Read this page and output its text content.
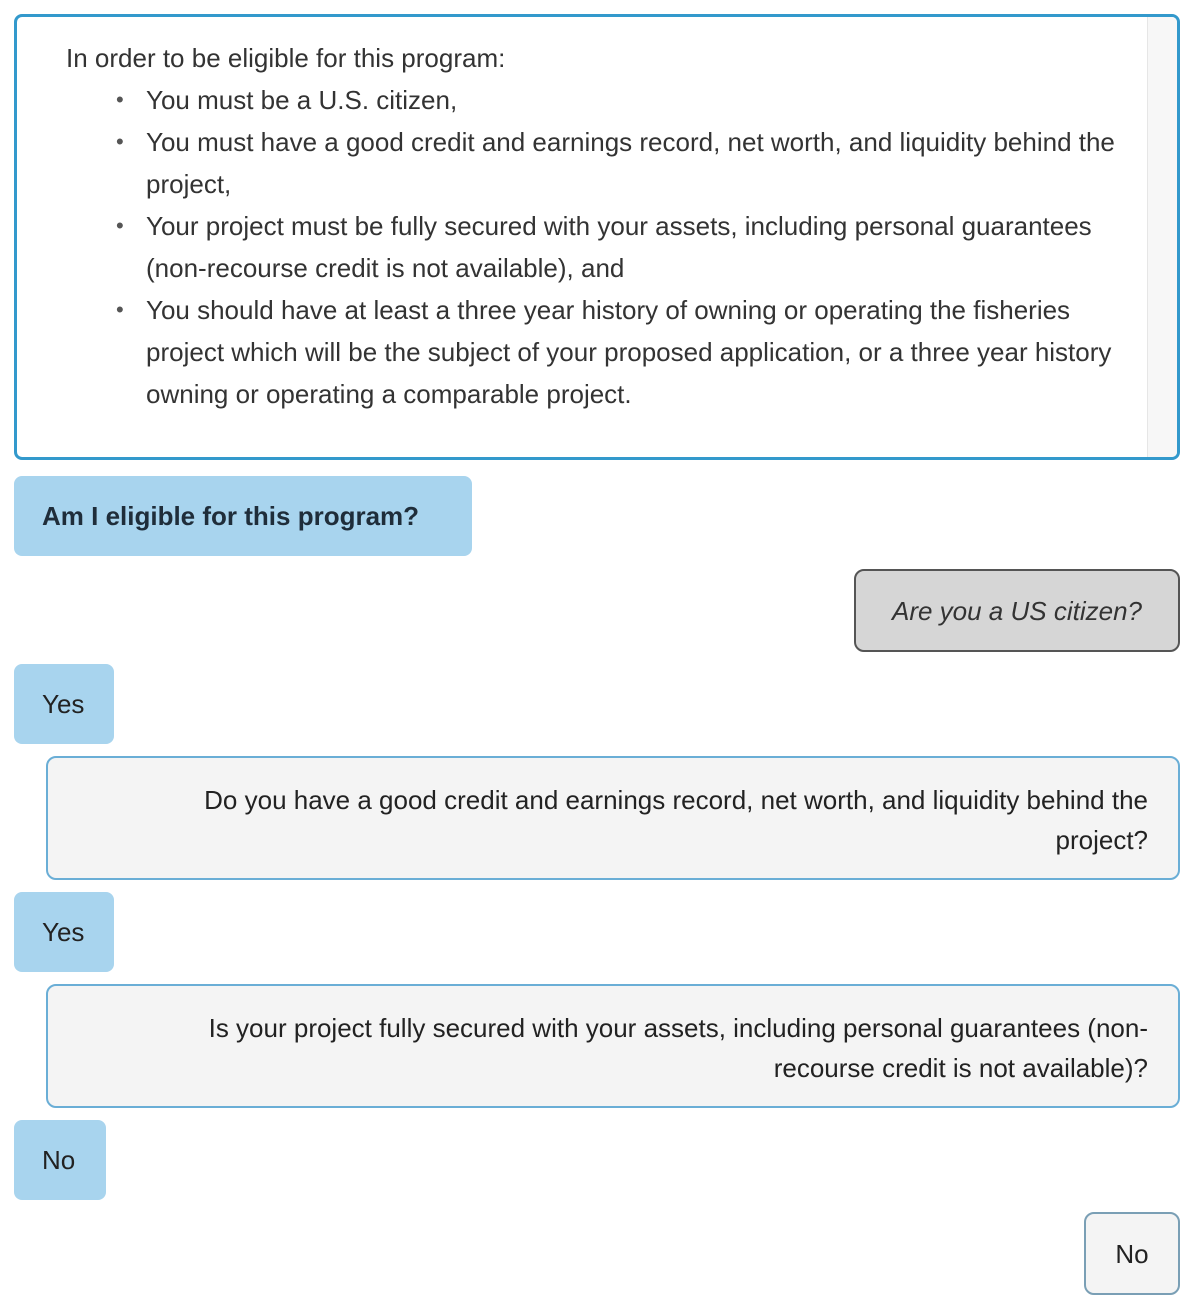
In order to be eligible for this program:

• You must be a U.S. citizen,
• You must have a good credit and earnings record, net worth, and liquidity behind the project,
• Your project must be fully secured with your assets, including personal guarantees (non-recourse credit is not available), and
• You should have at least a three year history of owning or operating the fisheries project which will be the subject of your proposed application, or a three year history owning or operating a comparable project.
Am I eligible for this program?
Are you a US citizen?
Yes
Do you have a good credit and earnings record, net worth, and liquidity behind the project?
Yes
Is your project fully secured with your assets, including personal guarantees (non-recourse credit is not available)?
No
No
